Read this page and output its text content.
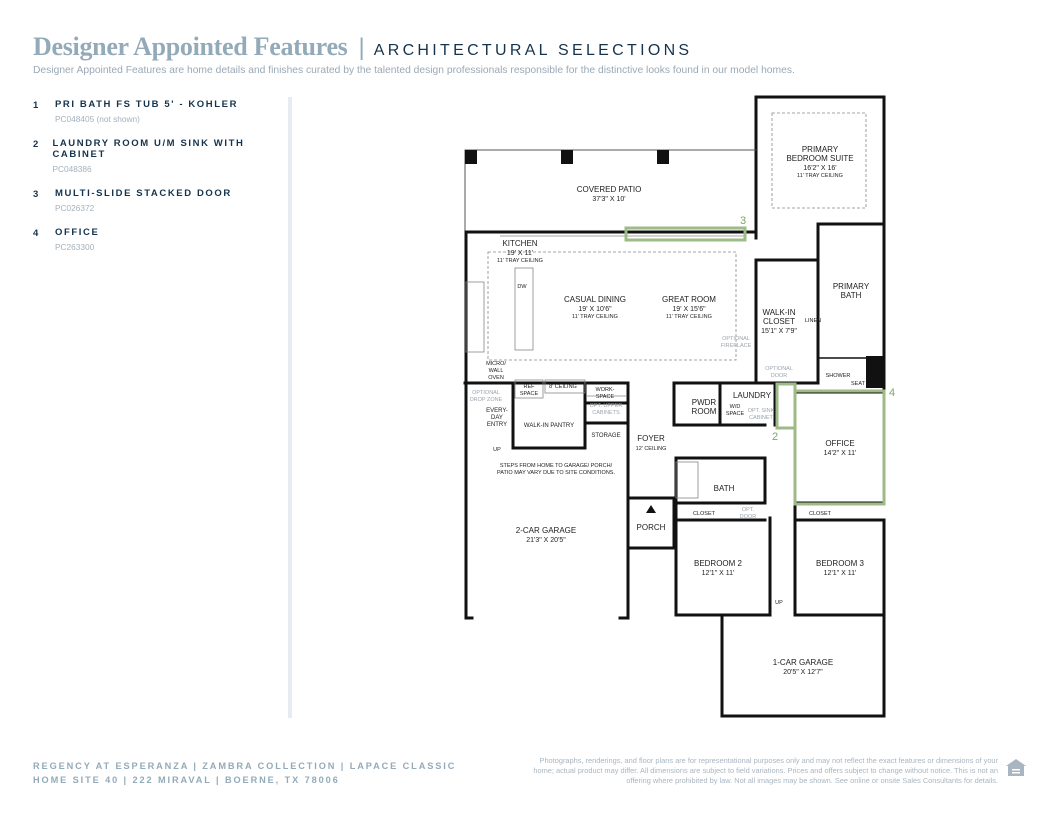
Designer Appointed Features | ARCHITECTURAL SELECTIONS
Designer Appointed Features are home details and finishes curated by the talented design professionals responsible for the distinctive looks found in our model homes.
1	PRI BATH FS TUB 5' - KOHLER
PC048405 (not shown)
2	LAUNDRY ROOM U/M SINK WITH CABINET
PC048386
3	MULTI-SLIDE STACKED DOOR
PC026372
4	OFFICE
PC263300
3
2
4
PRIMARY
BEDROOM SUITE
16'2" X 16'
11' TRAY CEILING
COVERED PATIO
37'3" X 10'
KITCHEN
19' X 11'
11' TRAY CEILING
CASUAL DINING
19' X 10'6"
11' TRAY CEILING
GREAT ROOM
19' X 15'6"
11' TRAY CEILING
PRIMARY
BATH
WALK-IN
CLOSET
15'1" X 7'9"
LAUNDRY
PWDR
ROOM
OFFICE
14'2" X 11'
FOYER
12' CEILING
BATH
PORCH
2-CAR GARAGE
21'3" X 20'5"
BEDROOM 2
12'1" X 11'
BEDROOM 3
12'1" X 11'
1-CAR GARAGE
20'5" X 12'7"
WALK-IN PANTRY
STORAGE
EVERY-
DAY
ENTRY
DW
MICRO/
WALL
OVEN
REF
SPACE
8' CEILING	WORK-
SPACE
UP
UP
LINEN
SHOWER
SEAT
W/D
SPACE
CLOSET	CLOSET
STEPS FROM HOME TO GARAGE/ PORCH/
PATIO MAY VARY DUE TO SITE CONDITIONS.
OPT. UPPER
CABINETS
OPTIONAL
DROP ZONE
OPTIONAL
FIREPLACE
OPTIONAL
DOOR
OPT. SINK
CABINET
OPT.
DOOR
REGENCY AT ESPERANZA | ZAMBRA COLLECTION | LAPACE CLASSIC
HOME SITE 40 | 222 MIRAVAL | BOERNE, TX 78006
Photographs, renderings, and floor plans are for representational purposes only and may not reflect the exact features or dimensions of your home; actual product may differ. All dimensions are subject to field variations. Prices and offers subject to change without notice. This is not an offering where prohibited by law. Not all images may be shown. See online or onsite Sales Consultants for details.
